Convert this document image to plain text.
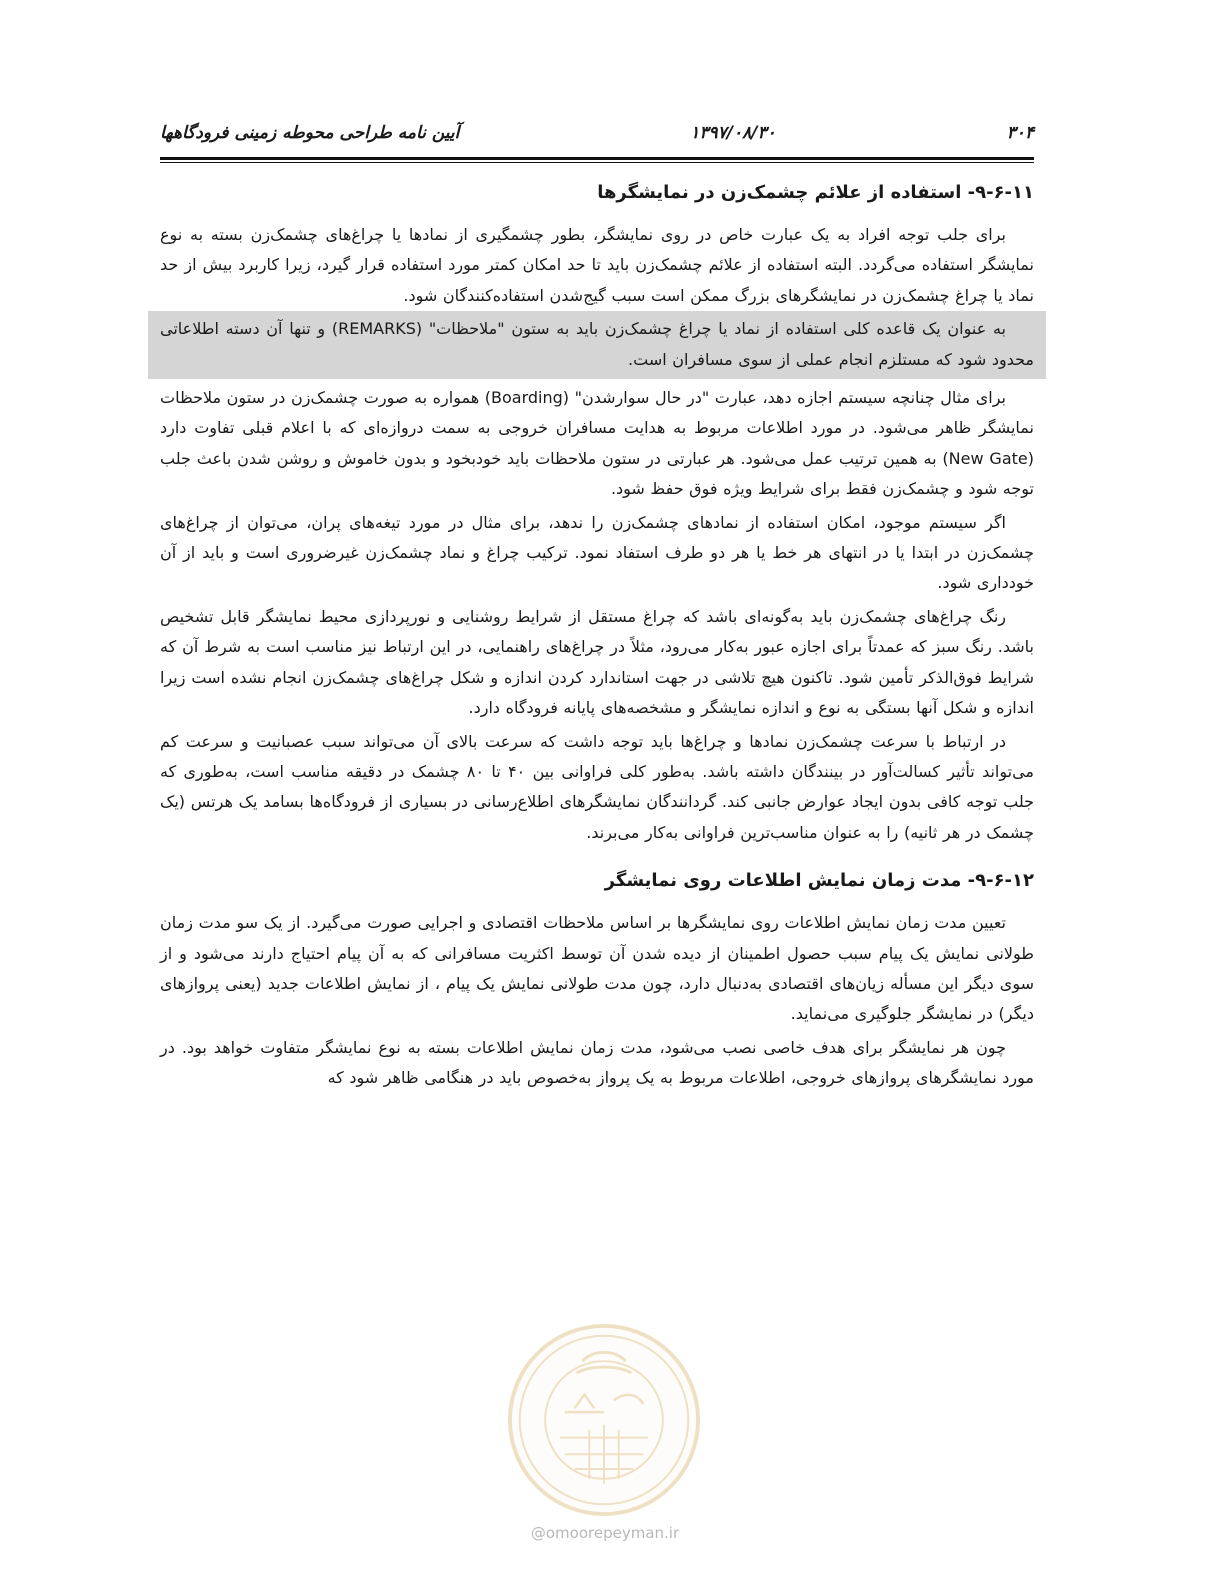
۳۰۴
۱۳۹۷/۰۸/۳۰
آیین نامه طراحی محوطه زمینی فرودگاهها
۹-۶-۱۱- استفاده از علائم چشمک‌زن در نمایشگرها

برای جلب توجه افراد به یک عبارت خاص در روی نمایشگر، بطور چشمگیری از نمادها یا چراغ‌های چشمک‌زن بسته به نوع نمایشگر استفاده می‌گردد. البته استفاده از علائم چشمک‌زن باید تا حد امکان کمتر مورد استفاده قرار گیرد، زیرا کاربرد بیش از حد نماد یا چراغ چشمک‌زن در نمایشگرهای بزرگ ممکن است سبب گیج‌شدن استفاده‌کنندگان شود.

به عنوان یک قاعده کلی استفاده از نماد یا چراغ چشمک‌زن باید به ستون "ملاحظات" (REMARKS) و تنها آن دسته اطلاعاتی محدود شود که مستلزم انجام عملی از سوی مسافران است.

برای مثال چنانچه سیستم اجازه دهد، عبارت "در حال سوارشدن" (Boarding) همواره به صورت چشمک‌زن در ستون ملاحظات نمایشگر ظاهر می‌شود. در مورد اطلاعات مربوط به هدایت مسافران خروجی به سمت دروازه‌ای که با اعلام قبلی تفاوت دارد (New Gate) به همین ترتیب عمل می‌شود. هر عبارتی در ستون ملاحظات باید خودبخود و بدون خاموش و روشن شدن باعث جلب توجه شود و چشمک‌زن فقط برای شرایط ویژه فوق حفظ شود.

اگر سیستم موجود، امکان استفاده از نمادهای چشمک‌زن را ندهد، برای مثال در مورد تیغه‌های پران، می‌توان از چراغ‌های چشمک‌زن در ابتدا یا در انتهای هر خط یا هر دو طرف استفاد نمود. ترکیب چراغ و نماد چشمک‌زن غیرضروری است و باید از آن خودداری شود.

رنگ چراغ‌های چشمک‌زن باید به‌گونه‌ای باشد که چراغ مستقل از شرایط روشنایی و نورپردازی محیط نمایشگر قابل تشخیص باشد. رنگ سبز که عمدتاً برای اجازه عبور به‌کار می‌رود، مثلاً در چراغ‌های راهنمایی، در این ارتباط نیز مناسب است به شرط آن که شرایط فوق‌الذکر تأمین شود. تاکنون هیچ تلاشی در جهت استاندارد کردن اندازه و شکل چراغ‌های چشمک‌زن انجام نشده است زیرا اندازه و شکل آنها بستگی به نوع و اندازه نمایشگر و مشخصه‌های پایانه فرودگاه دارد.

در ارتباط با سرعت چشمک‌زن نمادها و چراغ‌ها باید توجه داشت که سرعت بالای آن می‌تواند سبب عصبانیت و سرعت کم می‌تواند تأثیر کسالت‌آور در بینندگان داشته باشد. به‌طور کلی فراوانی بین ۴۰ تا ۸۰ چشمک در دقیقه مناسب است، به‌طوری که جلب توجه کافی بدون ایجاد عوارض جانبی کند. گردانندگان نمایشگرهای اطلاع‌رسانی در بسیاری از فرودگاه‌ها بسامد یک هرتس (یک چشمک در هر ثانیه) را به عنوان مناسب‌ترین فراوانی به‌کار می‌برند.

۹-۶-۱۲- مدت زمان نمایش اطلاعات روی نمایشگر

تعیین مدت زمان نمایش اطلاعات روی نمایشگرها بر اساس ملاحظات اقتصادی و اجرایی صورت می‌گیرد. از یک سو مدت زمان طولانی نمایش یک پیام سبب حصول اطمینان از دیده شدن آن توسط اکثریت مسافرانی که به آن پیام احتیاج دارند می‌شود و از سوی دیگر این مسأله زیان‌های اقتصادی به‌دنبال دارد، چون مدت طولانی نمایش یک پیام ، از نمایش اطلاعات جدید (یعنی پروازهای دیگر) در نمایشگر جلوگیری می‌نماید.

چون هر نمایشگر برای هدف خاصی نصب می‌شود، مدت زمان نمایش اطلاعات بسته به نوع نمایشگر متفاوت خواهد بود. در مورد نمایشگرهای پروازهای خروجی، اطلاعات مربوط به یک پرواز به‌خصوص باید در هنگامی ظاهر شود که

@omoorepeyman.ir
